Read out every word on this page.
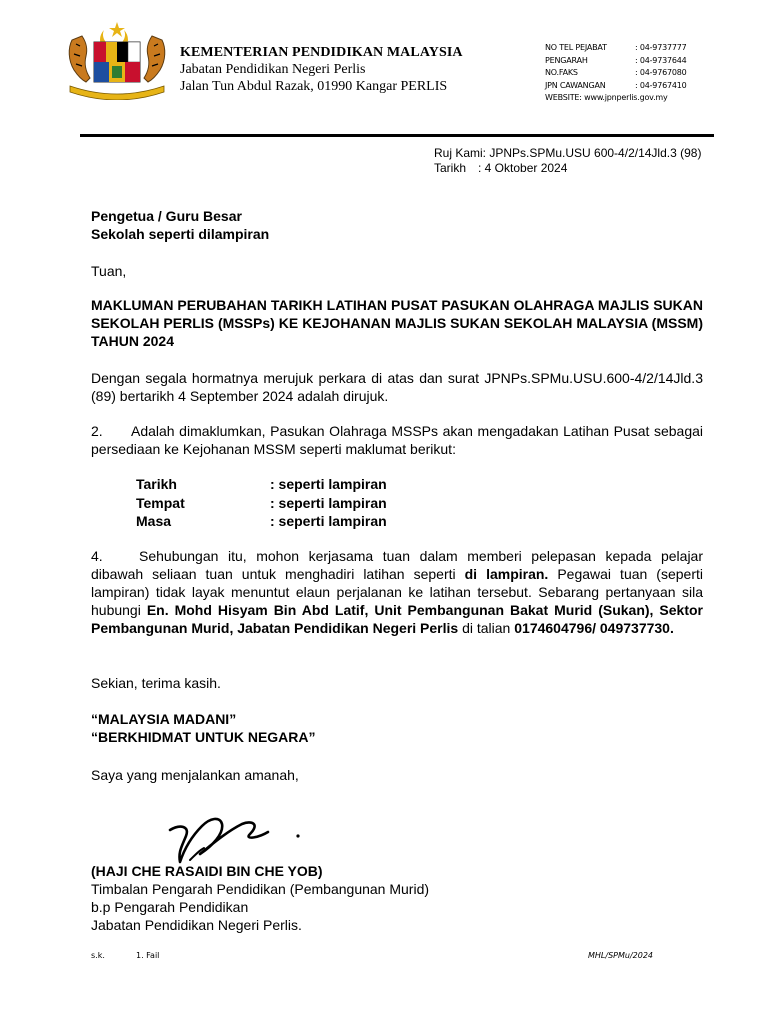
KEMENTERIAN PENDIDIKAN MALAYSIA
Jabatan Pendidikan Negeri Perlis
Jalan Tun Abdul Razak, 01990 Kangar PERLIS
NO TEL PEJABAT	: 04-9737777
PENGARAH	: 04-9737644
NO.FAKS	: 04-9767080
JPN CAWANGAN	: 04-9767410
WEBSITE: www.jpnperlis.gov.my
Ruj Kami: JPNPs.SPMu.USU 600-4/2/14Jld.3 (98)
Tarikh : 4 Oktober 2024
Pengetua / Guru Besar
Sekolah seperti dilampiran
Tuan,
MAKLUMAN PERUBAHAN TARIKH LATIHAN PUSAT PASUKAN OLAHRAGA MAJLIS SUKAN SEKOLAH PERLIS (MSSPs) KE KEJOHANAN MAJLIS SUKAN SEKOLAH MALAYSIA (MSSM) TAHUN 2024
Dengan segala hormatnya merujuk perkara di atas dan surat JPNPs.SPMu.USU.600-4/2/14Jld.3 (89) bertarikh 4 September 2024 adalah dirujuk.
2. Adalah dimaklumkan, Pasukan Olahraga MSSPs akan mengadakan Latihan Pusat sebagai persediaan ke Kejohanan MSSM seperti maklumat berikut:
Tarikh	: seperti lampiran
Tempat	: seperti lampiran
Masa	: seperti lampiran
4.	Sehubungan itu, mohon kerjasama tuan dalam memberi pelepasan kepada pelajar dibawah seliaan tuan untuk menghadiri latihan seperti di lampiran. Pegawai tuan (seperti lampiran) tidak layak menuntut elaun perjalanan ke latihan tersebut. Sebarang pertanyaan sila hubungi En. Mohd Hisyam Bin Abd Latif, Unit Pembangunan Bakat Murid (Sukan), Sektor Pembangunan Murid, Jabatan Pendidikan Negeri Perlis di talian 0174604796/ 049737730.
Sekian, terima kasih.
“MALAYSIA MADANI”
“BERKHIDMAT UNTUK NEGARA”
Saya yang menjalankan amanah,
(HAJI CHE RASAIDI BIN CHE YOB)
Timbalan Pengarah Pendidikan (Pembangunan Murid)
b.p Pengarah Pendidikan
Jabatan Pendidikan Negeri Perlis.
s.k.	1. Fail	MHL/SPMu/2024
